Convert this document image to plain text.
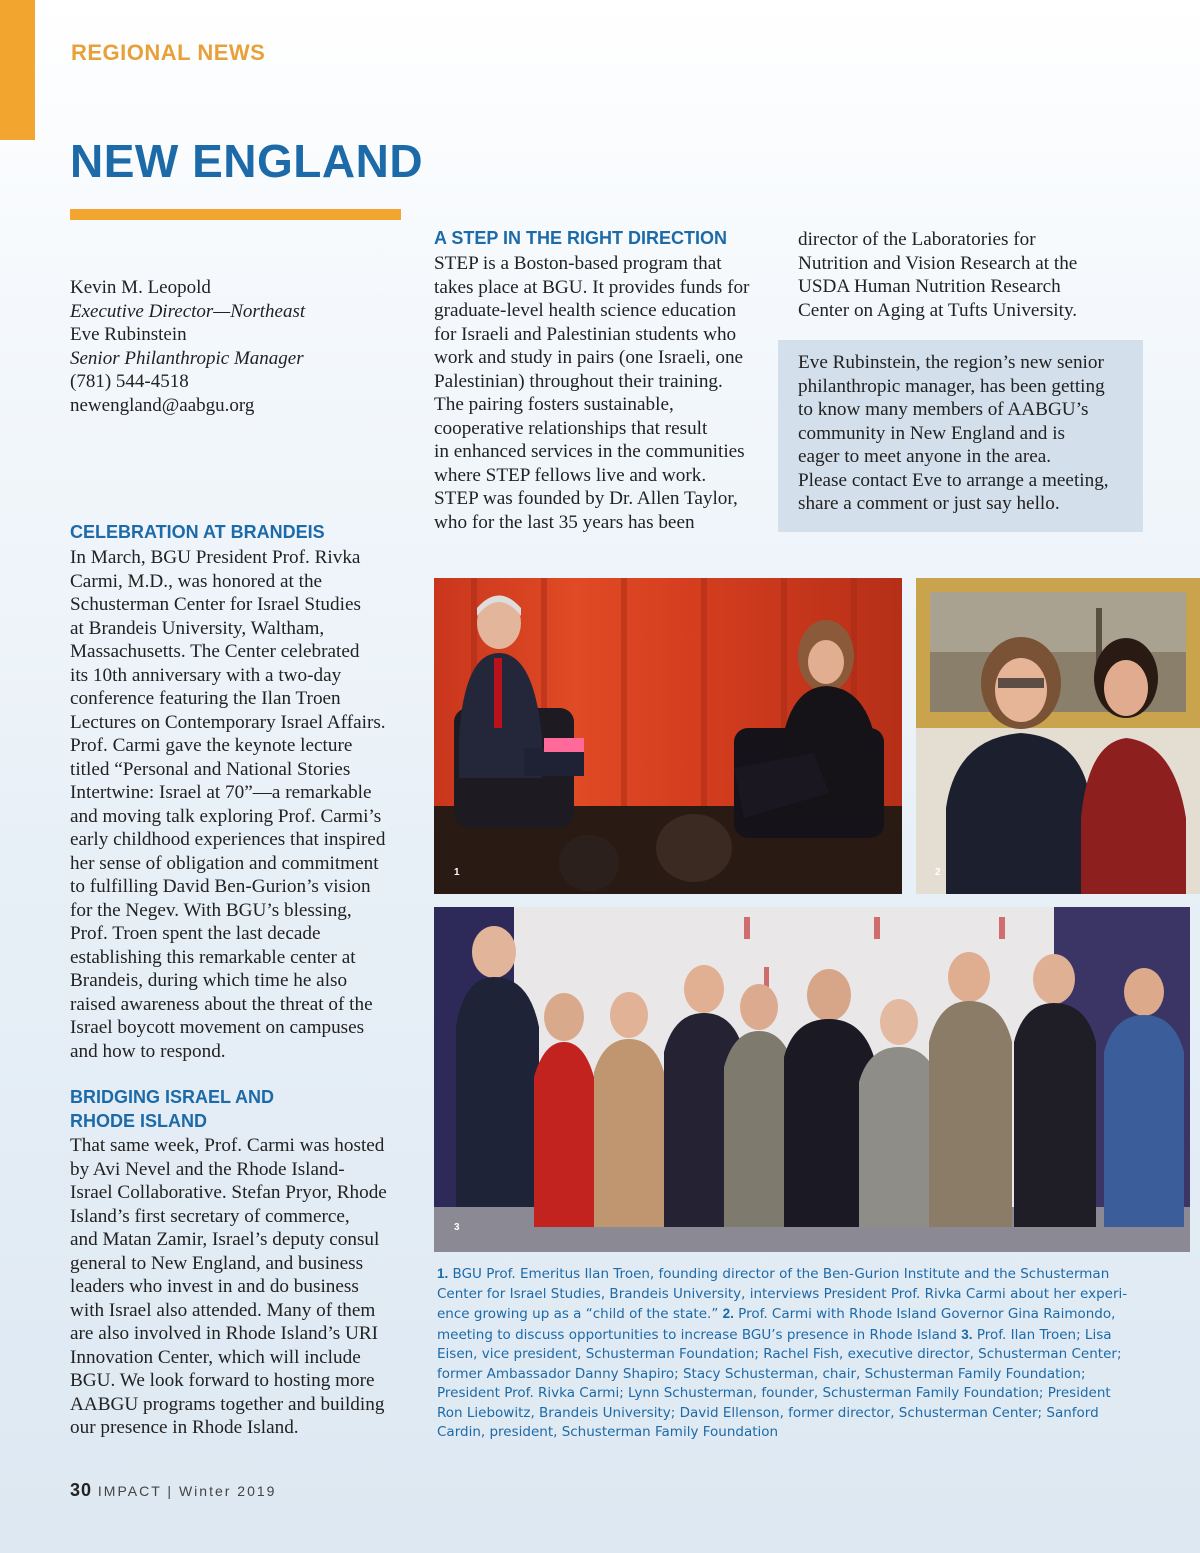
REGIONAL NEWS
NEW ENGLAND
Kevin M. Leopold
Executive Director—Northeast
Eve Rubinstein
Senior Philanthropic Manager
(781) 544-4518
newengland@aabgu.org
CELEBRATION AT BRANDEIS
In March, BGU President Prof. Rivka
Carmi, M.D., was honored at the
Schusterman Center for Israel Studies
at Brandeis University, Waltham,
Massachusetts. The Center celebrated
its 10th anniversary with a two-day
conference featuring the Ilan Troen
Lectures on Contemporary Israel Affairs.
Prof. Carmi gave the keynote lecture
titled “Personal and National Stories
Intertwine: Israel at 70”—a remarkable
and moving talk exploring Prof. Carmi’s
early childhood experiences that inspired
her sense of obligation and commitment
to fulfilling David Ben-Gurion’s vision
for the Negev. With BGU’s blessing,
Prof. Troen spent the last decade
establishing this remarkable center at
Brandeis, during which time he also
raised awareness about the threat of the
Israel boycott movement on campuses
and how to respond.
BRIDGING ISRAEL AND
RHODE ISLAND
That same week, Prof. Carmi was hosted
by Avi Nevel and the Rhode Island-
Israel Collaborative. Stefan Pryor, Rhode
Island’s first secretary of commerce,
and Matan Zamir, Israel’s deputy consul
general to New England, and business
leaders who invest in and do business
with Israel also attended. Many of them
are also involved in Rhode Island’s URI
Innovation Center, which will include
BGU. We look forward to hosting more
AABGU programs together and building
our presence in Rhode Island.
A STEP IN THE RIGHT DIRECTION
STEP is a Boston-based program that
takes place at BGU. It provides funds for
graduate-level health science education
for Israeli and Palestinian students who
work and study in pairs (one Israeli, one
Palestinian) throughout their training.
The pairing fosters sustainable,
cooperative relationships that result
in enhanced services in the communities
where STEP fellows live and work.
STEP was founded by Dr. Allen Taylor,
who for the last 35 years has been
director of the Laboratories for
Nutrition and Vision Research at the
USDA Human Nutrition Research
Center on Aging at Tufts University.
Eve Rubinstein, the region’s new senior
philanthropic manager, has been getting
to know many members of AABGU’s
community in New England and is
eager to meet anyone in the area.
Please contact Eve to arrange a meeting,
share a comment or just say hello.
1	2
3
1. BGU Prof. Emeritus Ilan Troen, founding director of the Ben-Gurion Institute and the Schusterman
Center for Israel Studies, Brandeis University, interviews President Prof. Rivka Carmi about her experi-
ence growing up as a “child of the state.” 2. Prof. Carmi with Rhode Island Governor Gina Raimondo,
meeting to discuss opportunities to increase BGU’s presence in Rhode Island 3. Prof. Ilan Troen; Lisa
Eisen, vice president, Schusterman Foundation; Rachel Fish, executive director, Schusterman Center;
former Ambassador Danny Shapiro; Stacy Schusterman, chair, Schusterman Family Foundation;
President Prof. Rivka Carmi; Lynn Schusterman, founder, Schusterman Family Foundation; President
Ron Liebowitz, Brandeis University; David Ellenson, former director, Schusterman Center; Sanford
Cardin, president, Schusterman Family Foundation
30 IMPACT | Winter 2019
